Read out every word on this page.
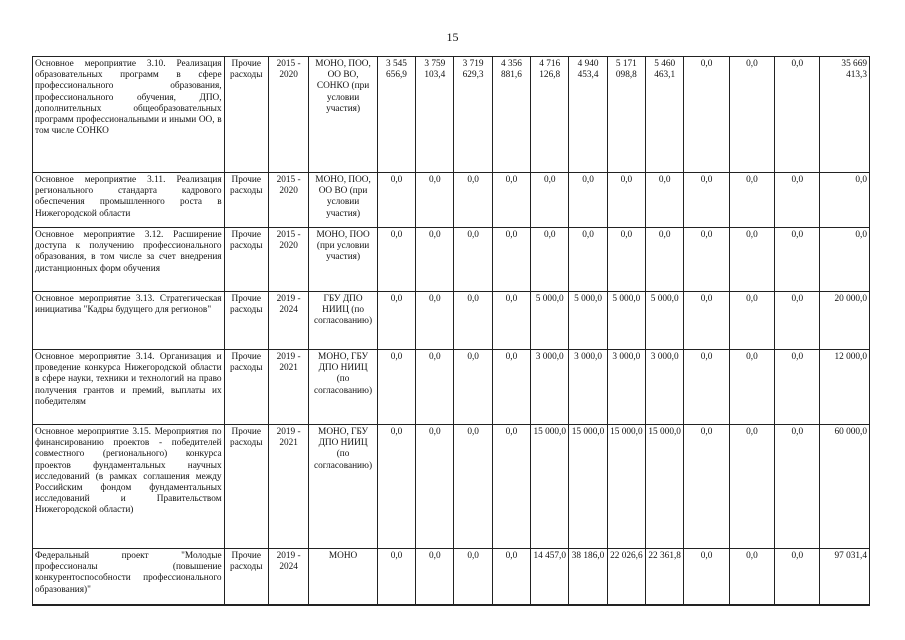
15
Основное мероприятие 3.10. Реализация образовательных программ в сфере профессионального образования, профессионального обучения, ДПО, дополнительных общеобразовательных программ профессиональными и иными ОО, в том числе СОНКО	Прочие расходы	2015 - 2020	МОНО, ПОО, ОО ВО, СОНКО (при условии участия)	3 545 656,9	3 759 103,4	3 719 629,3	4 356 881,6	4 716 126,8	4 940 453,4	5 171 098,8	5 460 463,1	0,0	0,0	0,0	35 669 413,3
Основное мероприятие 3.11. Реализация регионального стандарта кадрового обеспечения промышленного роста в Нижегородской области	Прочие расходы	2015 - 2020	МОНО, ПОО, ОО ВО (при условии участия)	0,0	0,0	0,0	0,0	0,0	0,0	0,0	0,0	0,0	0,0	0,0	0,0
Основное мероприятие 3.12. Расширение доступа к получению профессионального образования, в том числе за счет внедрения дистанционных форм обучения	Прочие расходы	2015 - 2020	МОНО, ПОО (при условии участия)	0,0	0,0	0,0	0,0	0,0	0,0	0,0	0,0	0,0	0,0	0,0	0,0
Основное мероприятие 3.13. Стратегическая инициатива "Кадры будущего для регионов"	Прочие расходы	2019 - 2024	ГБУ ДПО НИИЦ (по согласованию)	0,0	0,0	0,0	0,0	5 000,0	5 000,0	5 000,0	5 000,0	0,0	0,0	0,0	20 000,0
Основное мероприятие 3.14. Организация и проведение конкурса Нижегородской области в сфере науки, техники и технологий на право получения грантов и премий, выплаты их победителям	Прочие расходы	2019 - 2021	МОНО, ГБУ ДПО НИИЦ (по согласованию)	0,0	0,0	0,0	0,0	3 000,0	3 000,0	3 000,0	3 000,0	0,0	0,0	0,0	12 000,0
Основное мероприятие 3.15. Мероприятия по финансированию проектов - победителей совместного (регионального) конкурса проектов фундаментальных научных исследований (в рамках соглашения между Российским фондом фундаментальных исследований и Правительством Нижегородской области)	Прочие расходы	2019 - 2021	МОНО, ГБУ ДПО НИИЦ (по согласованию)	0,0	0,0	0,0	0,0	15 000,0	15 000,0	15 000,0	15 000,0	0,0	0,0	0,0	60 000,0
Федеральный проект "Молодые профессионалы (повышение конкурентоспособности профессионального образования)"	Прочие расходы	2019 - 2024	МОНО	0,0	0,0	0,0	0,0	14 457,0	38 186,0	22 026,6	22 361,8	0,0	0,0	0,0	97 031,4
